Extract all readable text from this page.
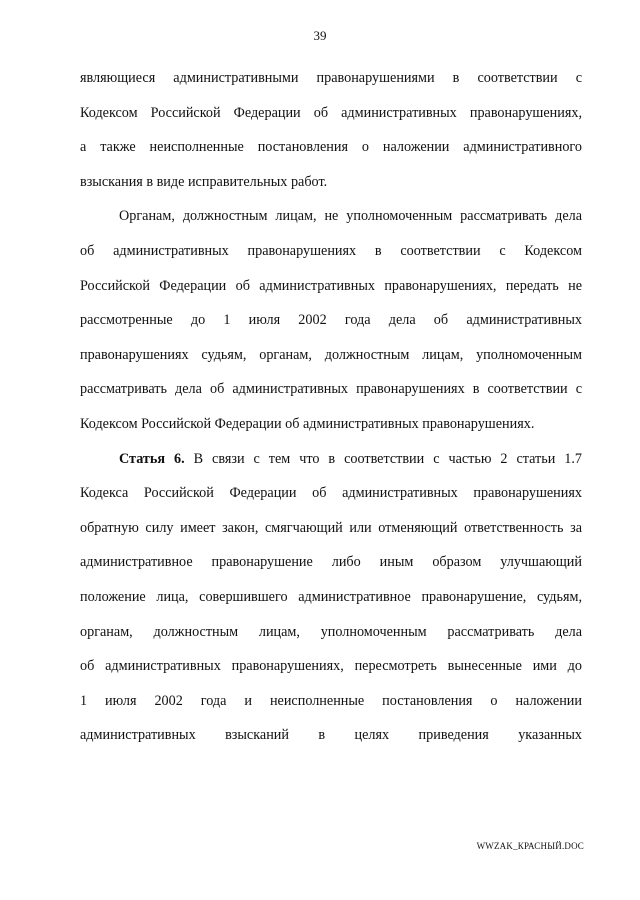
39
являющиеся административными правонарушениями в соответствии с
Кодексом Российской Федерации об административных правонарушениях,
а также неисполненные постановления о наложении административного
взыскания в виде исправительных работ.
Органам, должностным лицам, не уполномоченным рассматривать дела
об административных правонарушениях в соответствии с Кодексом
Российской Федерации об административных правонарушениях, передать не
рассмотренные до 1 июля 2002 года дела об административных
правонарушениях судьям, органам, должностным лицам, уполномоченным
рассматривать дела об административных правонарушениях в соответствии с
Кодексом Российской Федерации об административных правонарушениях.
Статья 6. В связи с тем что в соответствии с частью 2 статьи 1.7
Кодекса Российской Федерации об административных правонарушениях
обратную силу имеет закон, смягчающий или отменяющий ответственность за
административное правонарушение либо иным образом улучшающий
положение лица, совершившего административное правонарушение, судьям,
органам, должностным лицам, уполномоченным рассматривать дела
об административных правонарушениях, пересмотреть вынесенные ими до
1 июля 2002 года и неисполненные постановления о наложении
административных взысканий в целях приведения указанных
WWZAK_КРАСНЫЙ.DOC
